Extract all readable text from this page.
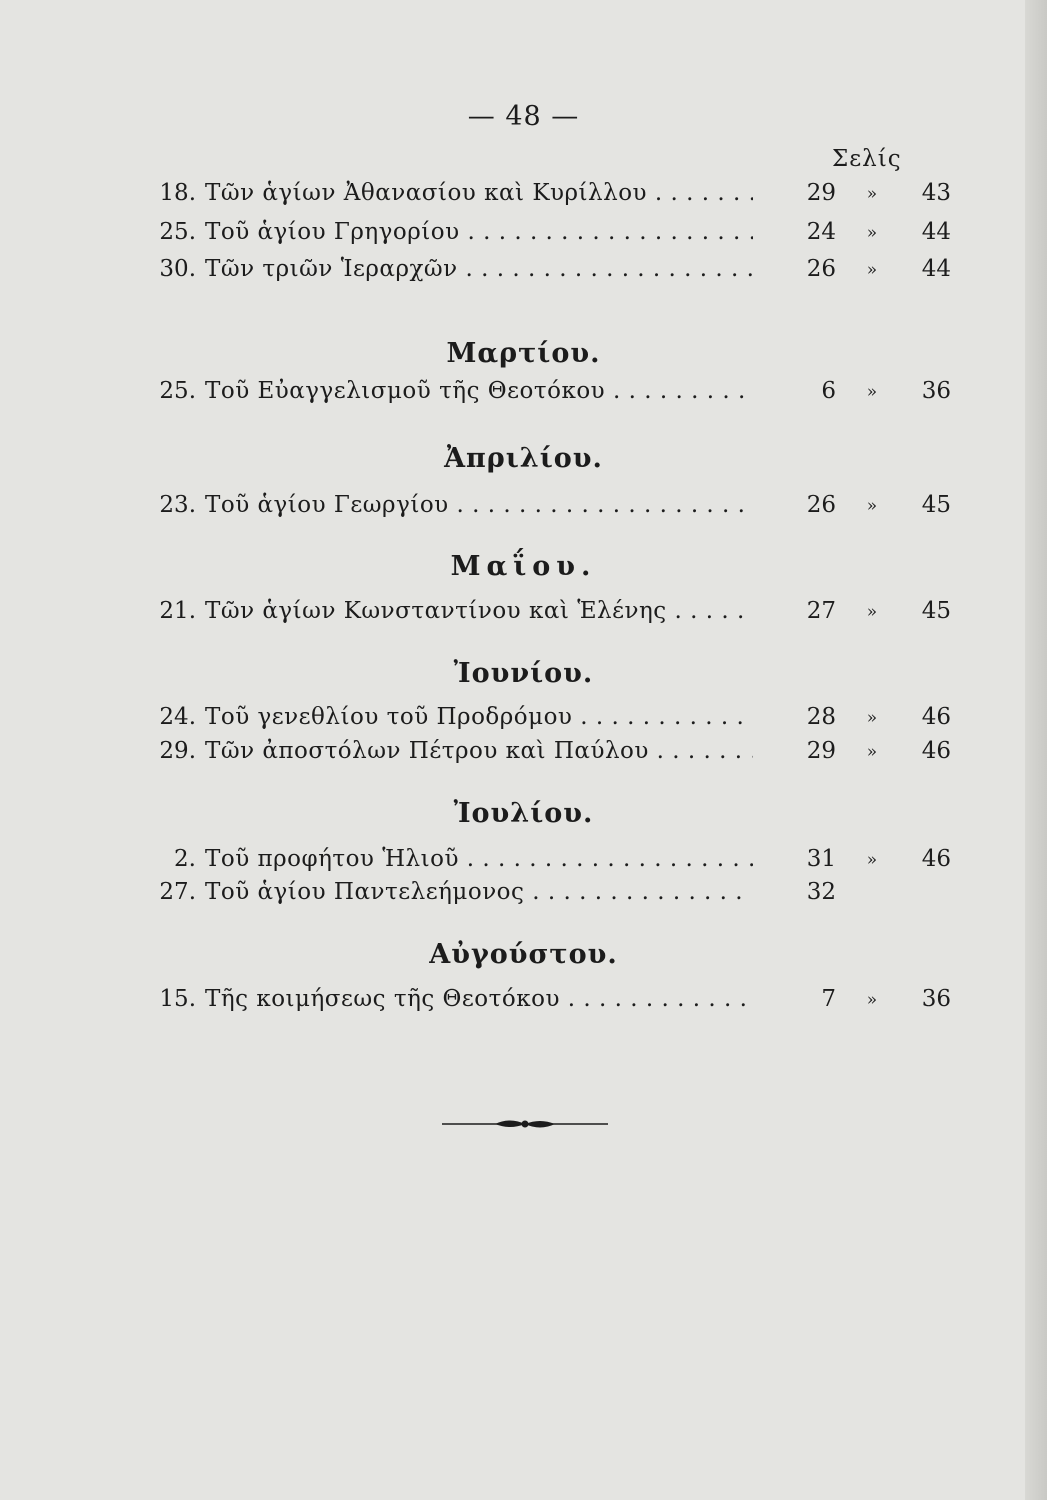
— 48 —
Σελίς
18. Τῶν ἁγίων Ἀθανασίου καὶ Κυρίλλου . . .	29 »	43
25. Τοῦ ἁγίου Γρηγορίου . . .	24 »	44
30. Τῶν τριῶν Ἱεραρχῶν . . .	26 »	44
Μαρτίου.
25. Τοῦ Εὐαγγελισμοῦ τῆς Θεοτόκου . . .	6 »	36
Ἀπριλίου.
23. Τοῦ ἁγίου Γεωργίου . . .	26 »	45
Μαΐου.
21. Τῶν ἁγίων Κωνσταντίνου καὶ Ἑλένης . . .	27 »	45
Ἰουνίου.
24. Τοῦ γενεθλίου τοῦ Προδρόμου . . .	28 »	46
29. Τῶν ἀποστόλων Πέτρου καὶ Παύλου . . .	29 »	46
Ἰουλίου.
2. Τοῦ προφήτου Ἡλιοῦ . . .	31 »	46
27. Τοῦ ἁγίου Παντελεήμονος . . .	32
Αὐγούστου.
15. Τῆς κοιμήσεως τῆς Θεοτόκου . . .	7 »	36
